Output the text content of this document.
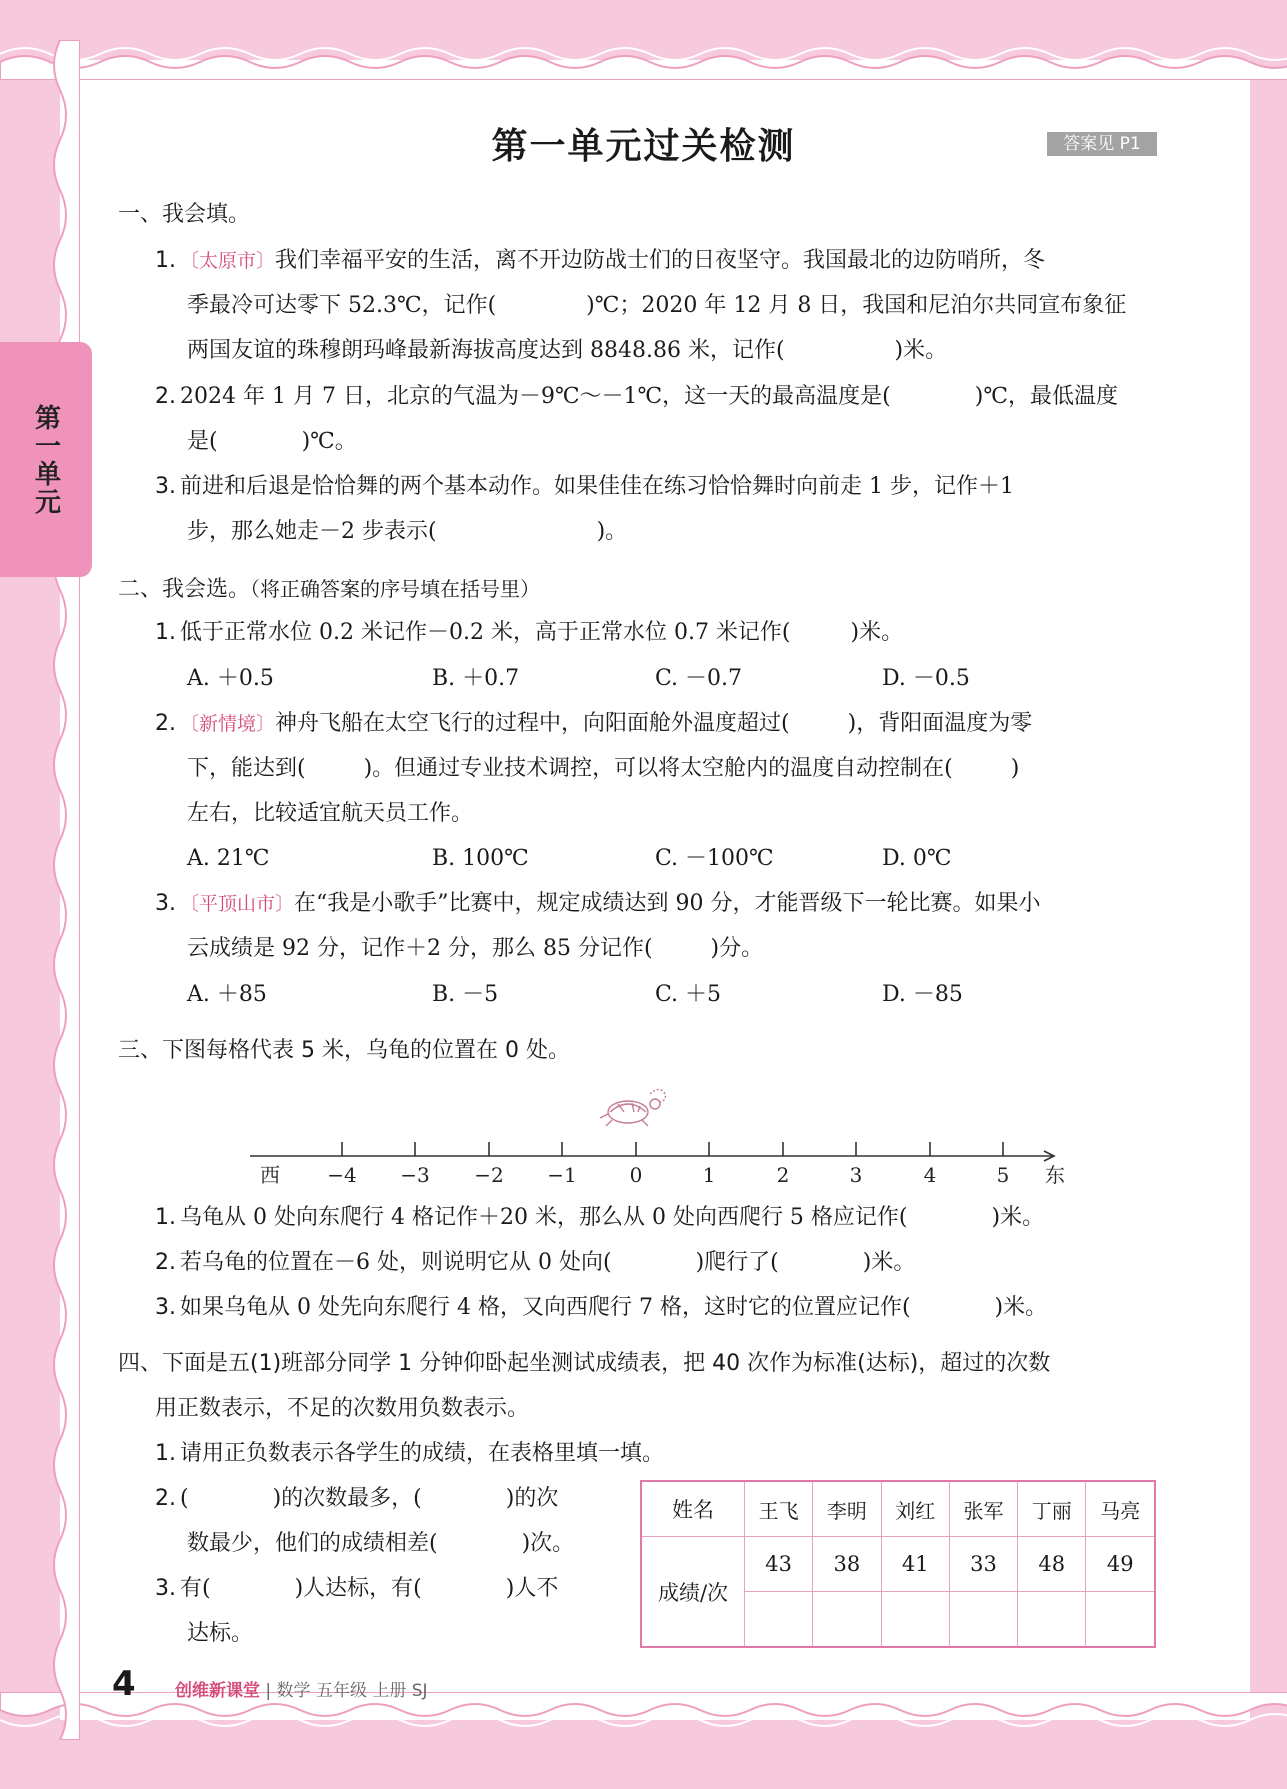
第一单元
第一单元过关检测	答案见 P1
一、我会填。
1. 〔太原市〕我们幸福平安的生活，离不开边防战士们的日夜坚守。我国最北的边防哨所，冬
季最冷可达零下 52.3℃，记作(	)℃；2020 年 12 月 8 日，我国和尼泊尔共同宣布象征
两国友谊的珠穆朗玛峰最新海拔高度达到 8848.86 米，记作(	)米。
2. 2024 年 1 月 7 日，北京的气温为－9℃～－1℃，这一天的最高温度是(	)℃，最低温度
是(	)℃。
3. 前进和后退是恰恰舞的两个基本动作。如果佳佳在练习恰恰舞时向前走 1 步，记作＋1
步，那么她走－2 步表示(	)。
二、我会选。（将正确答案的序号填在括号里）
1. 低于正常水位 0.2 米记作－0.2 米，高于正常水位 0.7 米记作(	)米。
A. ＋0.5	B. ＋0.7	C. －0.7	D. －0.5
2. 〔新情境〕神舟飞船在太空飞行的过程中，向阳面舱外温度超过(	)，背阳面温度为零
下，能达到(	)。但通过专业技术调控，可以将太空舱内的温度自动控制在(	)
左右，比较适宜航天员工作。
A. 21℃	B. 100℃	C. －100℃	D. 0℃
3. 〔平顶山市〕在“我是小歌手”比赛中，规定成绩达到 90 分，才能晋级下一轮比赛。如果小
云成绩是 92 分，记作＋2 分，那么 85 分记作(	)分。
A. ＋85	B. －5	C. ＋5	D. －85
三、下图每格代表 5 米，乌龟的位置在 0 处。
西 −4 −3 −2 −1	0	1	2	3	4	5 东
1. 乌龟从 0 处向东爬行 4 格记作＋20 米，那么从 0 处向西爬行 5 格应记作(	)米。
2. 若乌龟的位置在－6 处，则说明它从 0 处向(	)爬行了(	)米。
3. 如果乌龟从 0 处先向东爬行 4 格，又向西爬行 7 格，这时它的位置应记作(	)米。
四、下面是五(1)班部分同学 1 分钟仰卧起坐测试成绩表，把 40 次作为标准(达标)，超过的次数
用正数表示，不足的次数用负数表示。
1. 请用正负数表示各学生的成绩，在表格里填一填。
2. (	)的次数最多，(	)的次
数最少，他们的成绩相差(	)次。
3. 有(	)人达标，有(	)人不
达标。
姓名	王飞	李明	刘红	张军	丁丽	马亮
成绩/次	43	38	41	33	48	49

4 创维新课堂 | 数学 五年级 上册 SJ
